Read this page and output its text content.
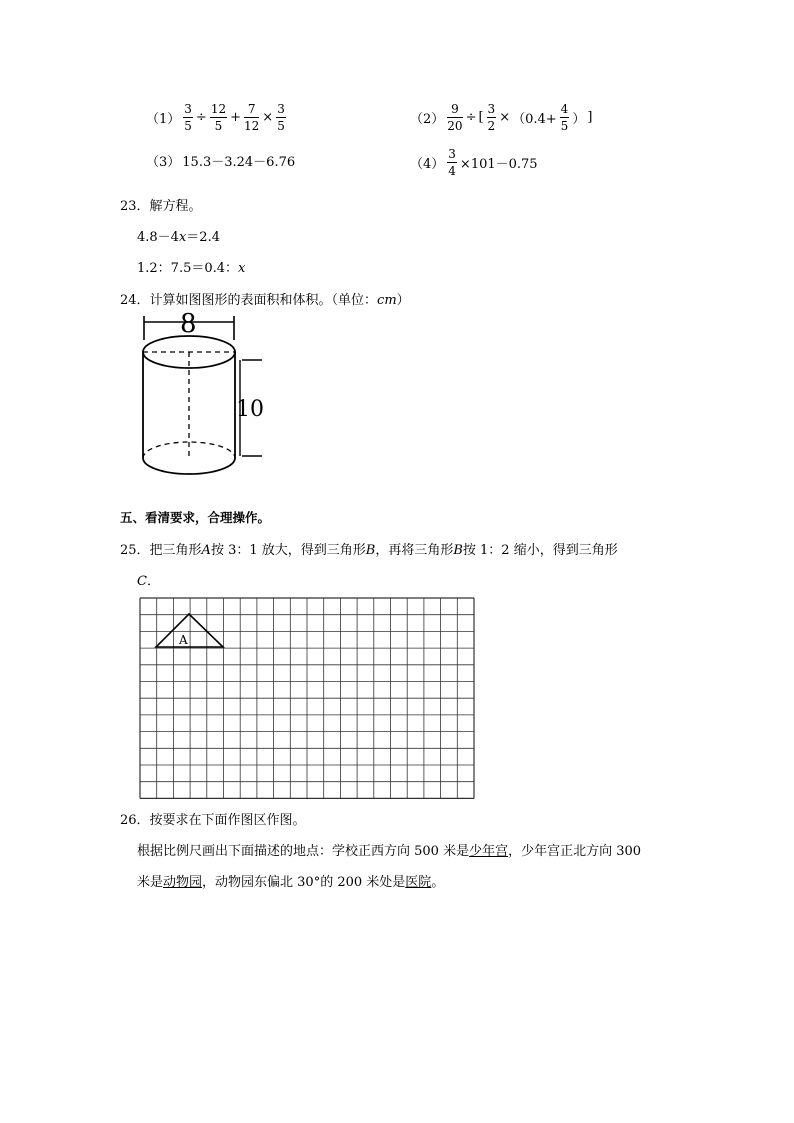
$(1) \frac{3}{5} \div \frac{12}{5} + \frac{7}{12} \times \frac{3}{5}$	$(2) \frac{9}{20}$ ÷ [ $\frac{3}{2} \times (0.4+ \frac{4}{5}$ ） ]
（3） 15.3－3.24－6.76	$(4) \frac{3}{4} \times 101-0.75$
23．解方程。
4.8－4x＝2.4
1.2：7.5＝0.4：x
24．计算如图图形的表面积和体积。（单位：cm）
8
10
五、看清要求，合理操作。
25．把三角形A按 3：1 放大，得到三角形B，再将三角形B按 1：2 缩小，得到三角形
C．
A
26．按要求在下面作图区作图。
根据比例尺画出下面描述的地点：学校正西方向 500 米是少年宫，少年宫正北方向 300
米是动物园，动物园东偏北 30°的 200 米处是医院。
